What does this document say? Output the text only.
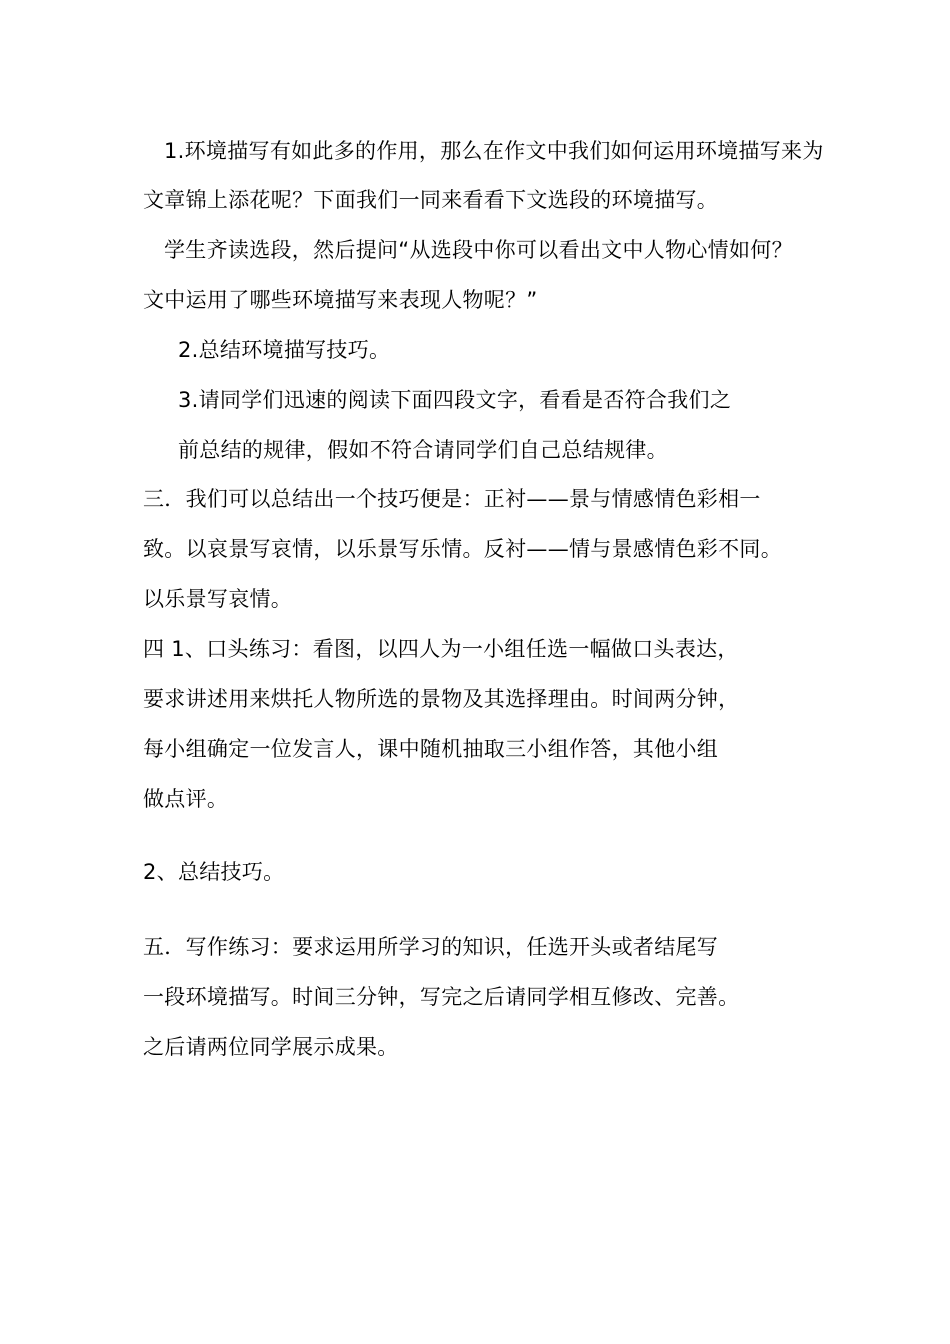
1.环境描写有如此多的作用，那么在作文中我们如何运用环境描写来为
文章锦上添花呢？下面我们一同来看看下文选段的环境描写。
学生齐读选段，然后提问“从选段中你可以看出文中人物心情如何？
文中运用了哪些环境描写来表现人物呢？”
2.总结环境描写技巧。
3.请同学们迅速的阅读下面四段文字，看看是否符合我们之
前总结的规律，假如不符合请同学们自己总结规律。
三．我们可以总结出一个技巧便是：正衬——景与情感情色彩相一
致。以哀景写哀情，以乐景写乐情。反衬——情与景感情色彩不同。
以乐景写哀情。
四 1、口头练习：看图，以四人为一小组任选一幅做口头表达，
要求讲述用来烘托人物所选的景物及其选择理由。时间两分钟，
每小组确定一位发言人，课中随机抽取三小组作答，其他小组
做点评。
2、总结技巧。
五．写作练习：要求运用所学习的知识，任选开头或者结尾写
一段环境描写。时间三分钟，写完之后请同学相互修改、完善。
之后请两位同学展示成果。
